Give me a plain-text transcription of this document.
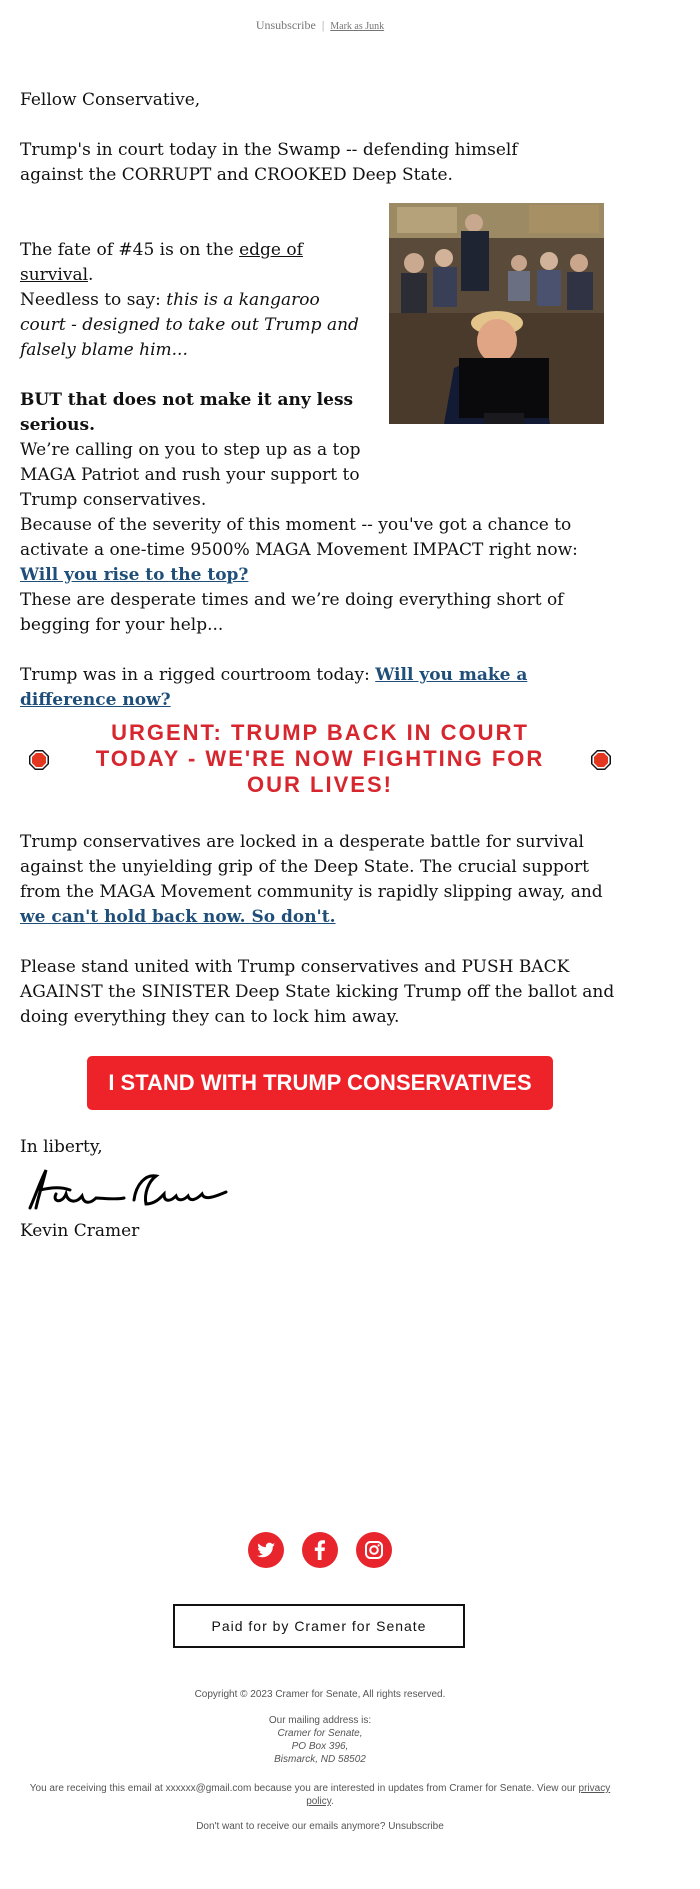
Unsubscribe | Mark as Junk

Fellow Conservative,

Trump's in court today in the Swamp -- defending himself against the CORRUPT and CROOKED Deep State.

The fate of #45 is on the edge of survival.

Needless to say: this is a kangaroo court - designed to take out Trump and falsely blame him...

BUT that does not make it any less serious.

We’re calling on you to step up as a top MAGA Patriot and rush your support to Trump conservatives.

Because of the severity of this moment -- you've got a chance to activate a one-time 9500% MAGA Movement IMPACT right now: Will you rise to the top?

These are desperate times and we’re doing everything short of begging for your help...

Trump was in a rigged courtroom today: Will you make a difference now?

URGENT: TRUMP BACK IN COURT TODAY - WE'RE NOW FIGHTING FOR OUR LIVES!

Trump conservatives are locked in a desperate battle for survival against the unyielding grip of the Deep State. The crucial support from the MAGA Movement community is rapidly slipping away, and we can't hold back now. So don't.

Please stand united with Trump conservatives and PUSH BACK AGAINST the SINISTER Deep State kicking Trump off the ballot and doing everything they can to lock him away.

I STAND WITH TRUMP CONSERVATIVES

In liberty,

Kevin Cramer

Paid for by Cramer for Senate
Copyright © 2023 Cramer for Senate, All rights reserved.
Our mailing address is:
Cramer for Senate,
PO Box 396,
Bismarck, ND 58502
You are receiving this email at xxxxxx@gmail.com because you are interested in updates from Cramer for Senate. View our privacy policy.
Don't want to receive our emails anymore? Unsubscribe
